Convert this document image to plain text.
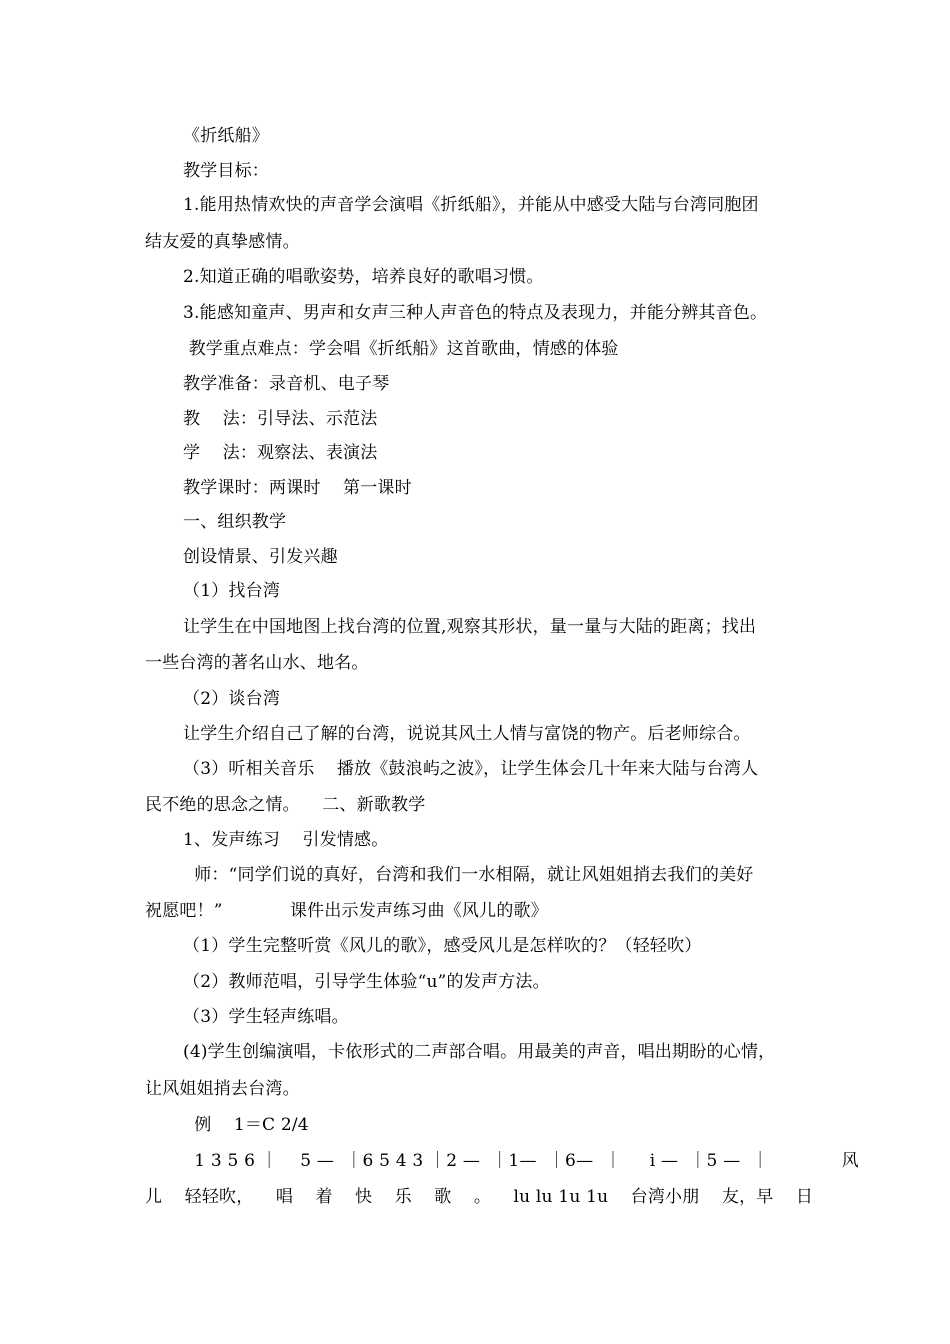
《折纸船》
教学目标：
1.能用热情欢快的声音学会演唱《折纸船》，并能从中感受大陆与台湾同胞团
结友爱的真挚感情。
2.知道正确的唱歌姿势，培养良好的歌唱习惯。
3.能感知童声、男声和女声三种人声音色的特点及表现力，并能分辨其音色。
教学重点难点：学会唱《折纸船》这首歌曲，情感的体验
教学准备：录音机、电子琴
教    法：引导法、示范法
学    法：观察法、表演法
教学课时：两课时    第一课时
一、组织教学
创设情景、引发兴趣
（1）找台湾
让学生在中国地图上找台湾的位置,观察其形状，量一量与大陆的距离；找出
一些台湾的著名山水、地名。
（2）谈台湾
让学生介绍自己了解的台湾，说说其风土人情与富饶的物产。后老师综合。
（3）听相关音乐    播放《鼓浪屿之波》，让学生体会几十年来大陆与台湾人
民不绝的思念之情。    二、新歌教学
1、发声练习    引发情感。
师：“同学们说的真好，台湾和我们一水相隔，就让风姐姐捎去我们的美好
祝愿吧！”            课件出示发声练习曲《风儿的歌》
（1）学生完整听赏《风儿的歌》，感受风儿是怎样吹的？（轻轻吹）
（2）教师范唱，引导学生体验“u”的发声方法。
（3）学生轻声练唱。
(4)学生创编演唱，卡依形式的二声部合唱。用最美的声音，唱出期盼的心情，
让风姐姐捎去台湾。
例    1＝C 2/4
1 3 5 6 ｜    5 —  ｜6 5 4 3 ｜2 —  ｜1—  ｜6—  ｜     i —  ｜5 —  ｜             风
儿    轻轻吹，    唱    着    快    乐    歌    。    lu lu 1u 1u    台湾小朋    友，早    日
